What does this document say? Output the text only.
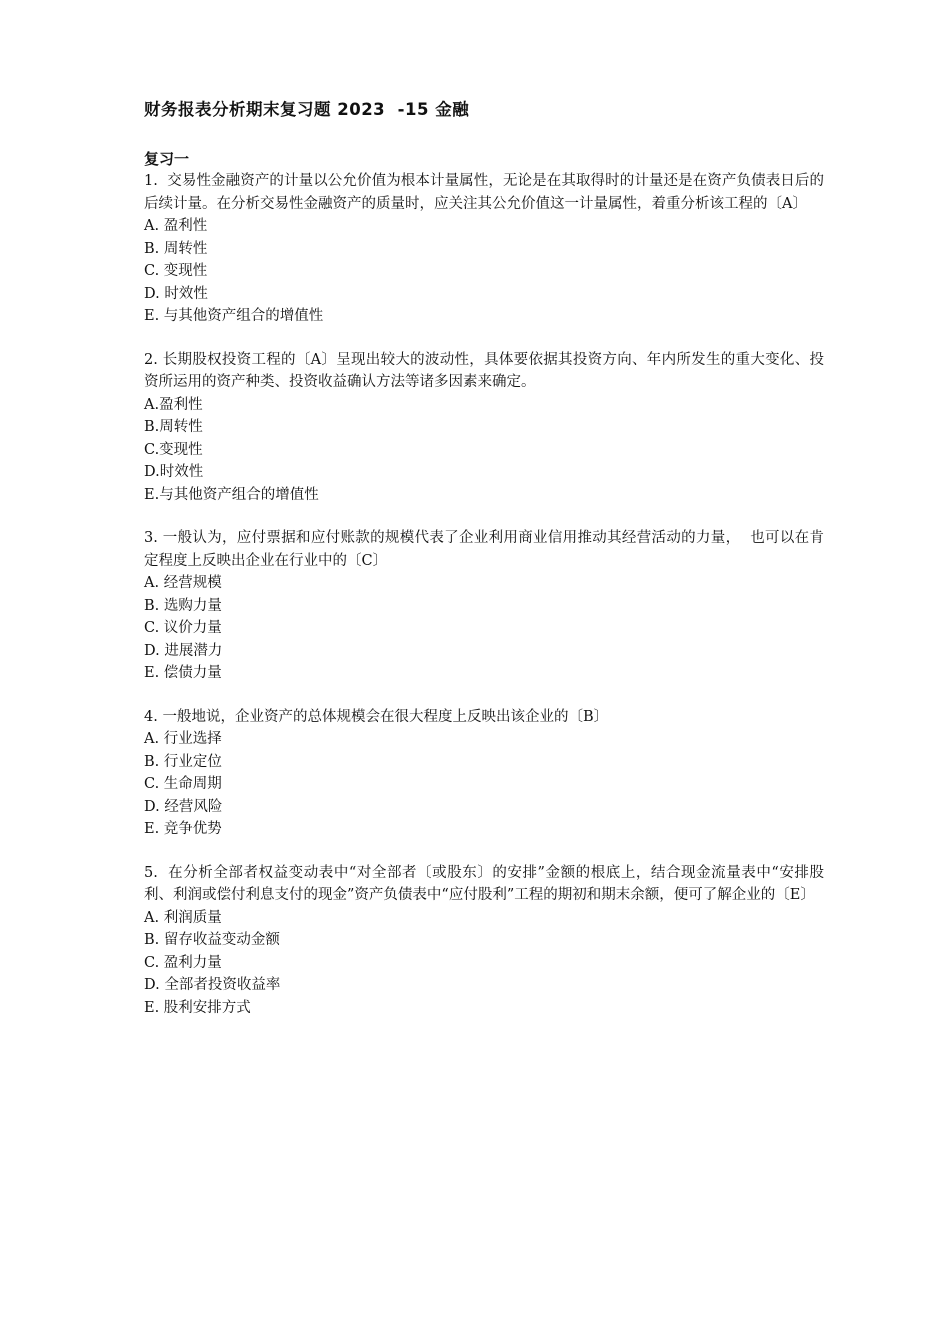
财务报表分析期末复习题 2023  -15 金融
复习一

1.  交易性金融资产的计量以公允价值为根本计量属性，无论是在其取得时的计量还是在资产负债表日后的后续计量。在分析交易性金融资产的质量时，应关注其公允价值这一计量属性，着重分析该工程的〔A〕

A. 盈利性

B. 周转性

C. 变现性

D. 时效性

E. 与其他资产组合的增值性

2. 长期股权投资工程的〔A〕呈现出较大的波动性，具体要依据其投资方向、年内所发生的重大变化、投资所运用的资产种类、投资收益确认方法等诸多因素来确定。

A.盈利性

B.周转性

C.变现性

D.时效性

E.与其他资产组合的增值性

3. 一般认为，应付票据和应付账款的规模代表了企业利用商业信用推动其经营活动的力量，  也可以在肯定程度上反映出企业在行业中的〔C〕

A. 经营规模

B. 选购力量

C. 议价力量

D. 进展潜力

E. 偿债力量

4. 一般地说，企业资产的总体规模会在很大程度上反映出该企业的〔B〕

A. 行业选择

B. 行业定位

C. 生命周期

D. 经营风险

E. 竞争优势

5.  在分析全部者权益变动表中“对全部者〔或股东〕的安排”金额的根底上，结合现金流量表中“安排股利、利润或偿付利息支付的现金”资产负债表中“应付股利”工程的期初和期末余额，便可了解企业的〔E〕

A. 利润质量

B. 留存收益变动金额

C. 盈利力量

D. 全部者投资收益率

E. 股利安排方式
